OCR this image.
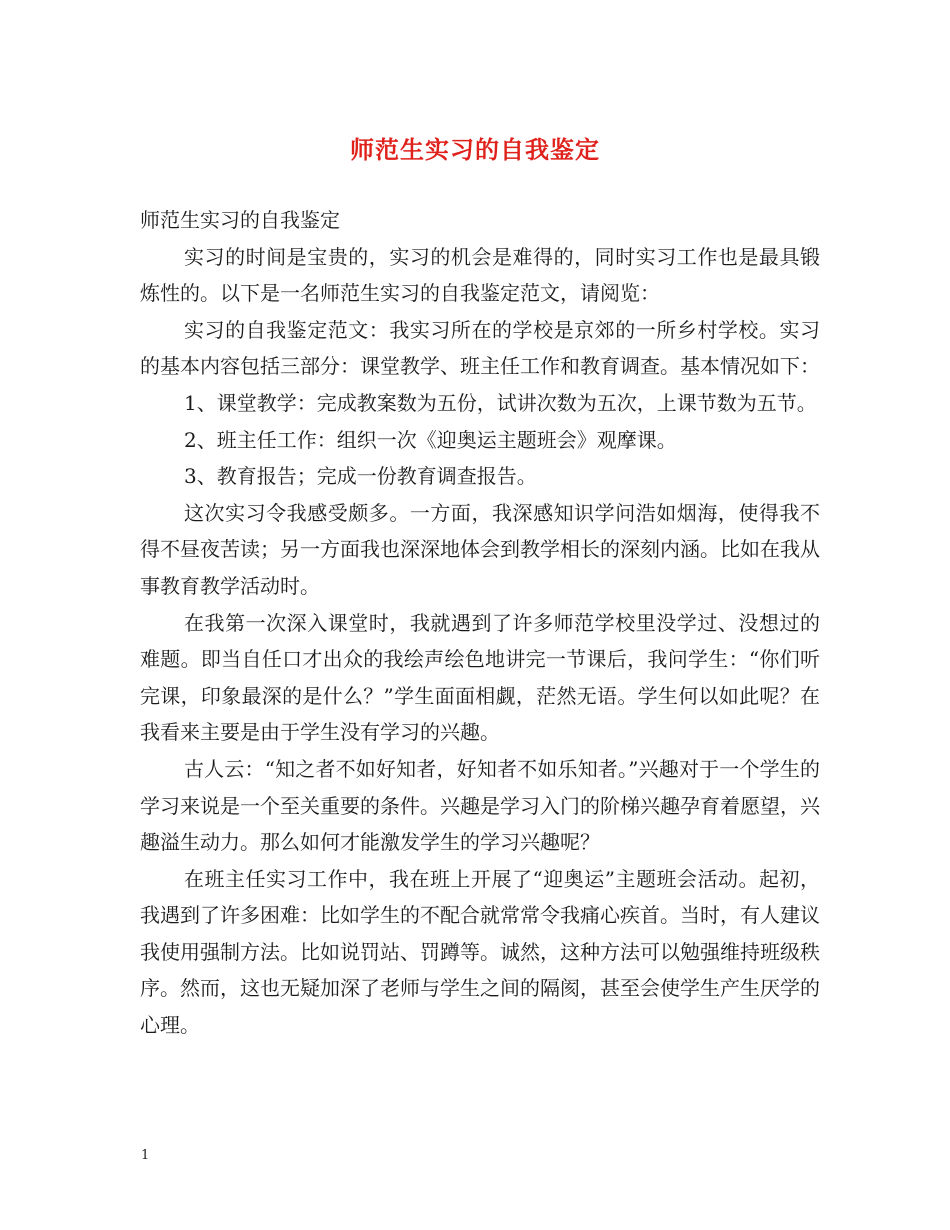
师范生实习的自我鉴定

师范生实习的自我鉴定

实习的时间是宝贵的，实习的机会是难得的，同时实习工作也是最具锻炼性的。以下是一名师范生实习的自我鉴定范文，请阅览：

实习的自我鉴定范文：我实习所在的学校是京郊的一所乡村学校。实习的基本内容包括三部分：课堂教学、班主任工作和教育调查。基本情况如下：

1、课堂教学：完成教案数为五份，试讲次数为五次，上课节数为五节。

2、班主任工作：组织一次《迎奥运主题班会》观摩课。

3、教育报告；完成一份教育调查报告。

这次实习令我感受颇多。一方面，我深感知识学问浩如烟海，使得我不得不昼夜苦读；另一方面我也深深地体会到教学相长的深刻内涵。比如在我从事教育教学活动时。

在我第一次深入课堂时，我就遇到了许多师范学校里没学过、没想过的难题。即当自任口才出众的我绘声绘色地讲完一节课后，我问学生：“你们听完课，印象最深的是什么？”学生面面相觑，茫然无语。学生何以如此呢？在我看来主要是由于学生没有学习的兴趣。

古人云：“知之者不如好知者，好知者不如乐知者。”兴趣对于一个学生的学习来说是一个至关重要的条件。兴趣是学习入门的阶梯兴趣孕育着愿望，兴趣溢生动力。那么如何才能激发学生的学习兴趣呢？

在班主任实习工作中，我在班上开展了“迎奥运”主题班会活动。起初，我遇到了许多困难：比如学生的不配合就常常令我痛心疾首。当时，有人建议我使用强制方法。比如说罚站、罚蹲等。诚然，这种方法可以勉强维持班级秩序。然而，这也无疑加深了老师与学生之间的隔阂，甚至会使学生产生厌学的心理。

1
